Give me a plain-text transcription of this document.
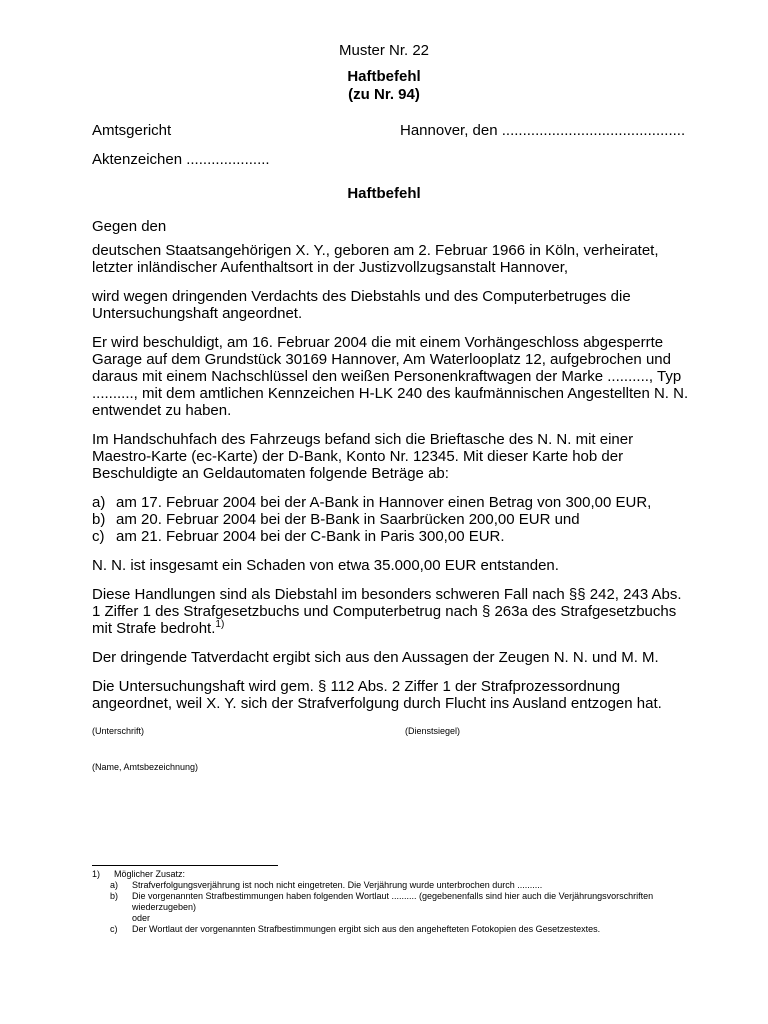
Muster Nr. 22
Haftbefehl
(zu Nr. 94)
Amtsgericht	Hannover, den ............................................
Aktenzeichen ....................
Haftbefehl

Gegen den

deutschen Staatsangehörigen X. Y., geboren am 2. Februar 1966 in Köln, verheiratet, letzter inländischer Aufenthaltsort in der Justizvollzugsanstalt Hannover,

wird wegen dringenden Verdachts des Diebstahls und des Computerbetruges die Untersuchungshaft angeordnet.

Er wird beschuldigt, am 16. Februar 2004 die mit einem Vorhängeschloss abgesperrte Garage auf dem Grundstück 30169 Hannover, Am Waterlooplatz 12, aufgebrochen und daraus mit einem Nachschlüssel den weißen Personenkraftwagen der Marke .........., Typ .........., mit dem amtlichen Kennzeichen H-LK 240 des kaufmännischen Angestellten N. N. entwendet zu haben.

Im Handschuhfach des Fahrzeugs befand sich die Brieftasche des N. N. mit einer Maestro-Karte (ec-Karte) der D-Bank, Konto Nr. 12345. Mit dieser Karte hob der Beschuldigte an Geldautomaten folgende Beträge ab:

a) am 17. Februar 2004 bei der A-Bank in Hannover einen Betrag von 300,00 EUR,
b) am 20. Februar 2004 bei der B-Bank in Saarbrücken 200,00 EUR und
c) am 21. Februar 2004 bei der C-Bank in Paris 300,00 EUR.

N. N. ist insgesamt ein Schaden von etwa 35.000,00 EUR entstanden.

Diese Handlungen sind als Diebstahl im besonders schweren Fall nach §§ 242, 243 Abs. 1 Ziffer 1 des Strafgesetzbuchs und Computerbetrug nach § 263a des Strafgesetzbuchs mit Strafe bedroht.$^{1)}$

Der dringende Tatverdacht ergibt sich aus den Aussagen der Zeugen N. N. und M. M.

Die Untersuchungshaft wird gem. § 112 Abs. 2 Ziffer 1 der Strafprozessordnung angeordnet, weil X. Y. sich der Strafverfolgung durch Flucht ins Ausland entzogen hat.

(Unterschrift)	(Dienstsiegel)
(Name, Amtsbezeichnung)
1) Möglicher Zusatz:
a) Strafverfolgungsverjährung ist noch nicht eingetreten. Die Verjährung wurde unterbrochen durch ..........
b) Die vorgenannten Strafbestimmungen haben folgenden Wortlaut .......... (gegebenenfalls sind hier auch die Verjährungsvorschriften wiederzugeben)
oder
c) Der Wortlaut der vorgenannten Strafbestimmungen ergibt sich aus den angehefteten Fotokopien des Gesetzestextes.
